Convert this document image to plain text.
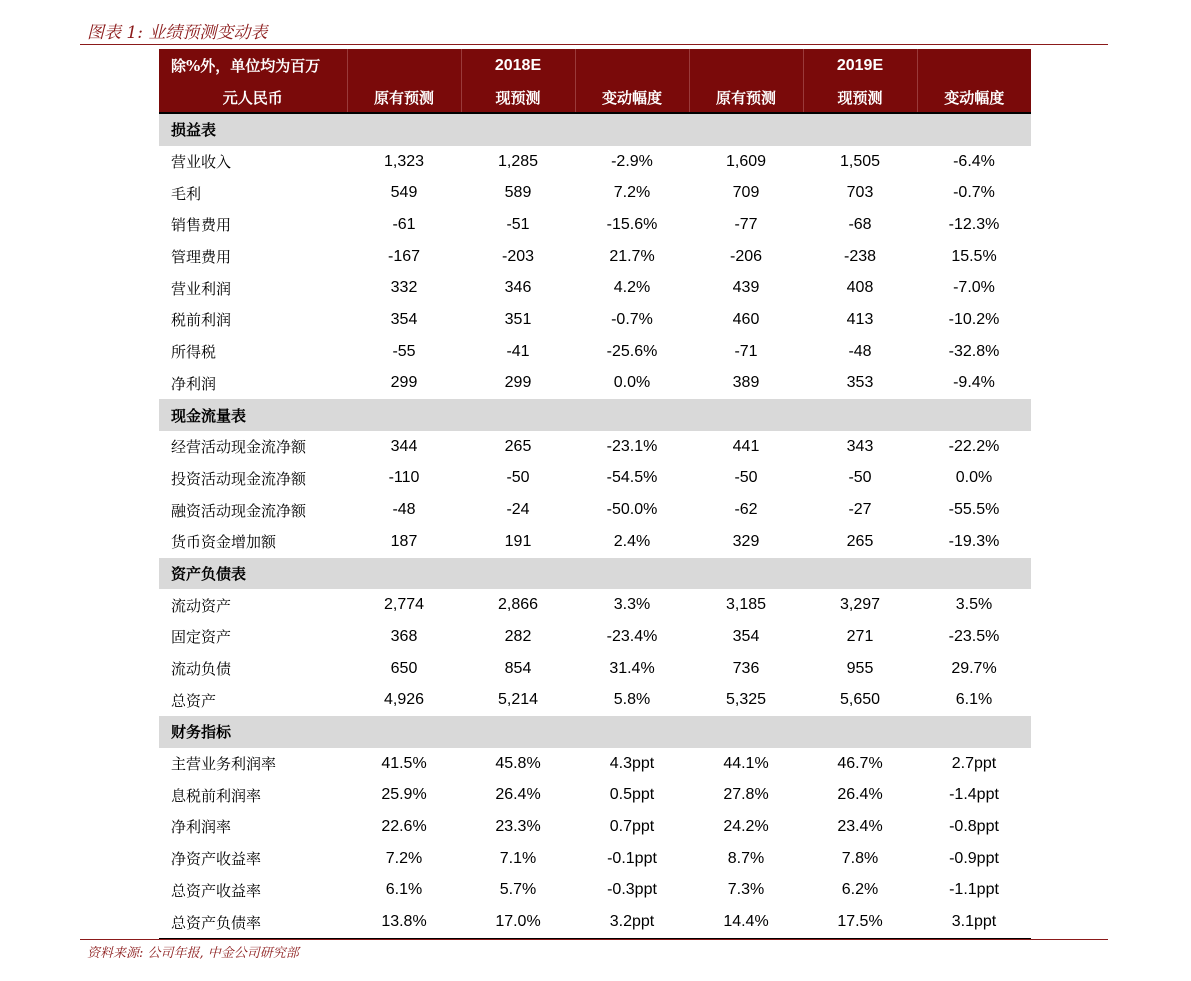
图表 1: 业绩预测变动表
除%外，单位均为百万		2018E			2019E	
元人民币	原有预测	现预测	变动幅度	原有预测	现预测	变动幅度
损益表						
营业收入	1,323	1,285	-2.9%	1,609	1,505	-6.4%
毛利	549	589	7.2%	709	703	-0.7%
销售费用	-61	-51	-15.6%	-77	-68	-12.3%
管理费用	-167	-203	21.7%	-206	-238	15.5%
营业利润	332	346	4.2%	439	408	-7.0%
税前利润	354	351	-0.7%	460	413	-10.2%
所得税	-55	-41	-25.6%	-71	-48	-32.8%
净利润	299	299	0.0%	389	353	-9.4%
现金流量表						
经营活动现金流净额	344	265	-23.1%	441	343	-22.2%
投资活动现金流净额	-110	-50	-54.5%	-50	-50	0.0%
融资活动现金流净额	-48	-24	-50.0%	-62	-27	-55.5%
货币资金增加额	187	191	2.4%	329	265	-19.3%
资产负债表						
流动资产	2,774	2,866	3.3%	3,185	3,297	3.5%
固定资产	368	282	-23.4%	354	271	-23.5%
流动负债	650	854	31.4%	736	955	29.7%
总资产	4,926	5,214	5.8%	5,325	5,650	6.1%
财务指标						
主营业务利润率	41.5%	45.8%	4.3ppt	44.1%	46.7%	2.7ppt
息税前利润率	25.9%	26.4%	0.5ppt	27.8%	26.4%	-1.4ppt
净利润率	22.6%	23.3%	0.7ppt	24.2%	23.4%	-0.8ppt
净资产收益率	7.2%	7.1%	-0.1ppt	8.7%	7.8%	-0.9ppt
总资产收益率	6.1%	5.7%	-0.3ppt	7.3%	6.2%	-1.1ppt
总资产负债率	13.8%	17.0%	3.2ppt	14.4%	17.5%	3.1ppt
资料来源: 公司年报, 中金公司研究部
